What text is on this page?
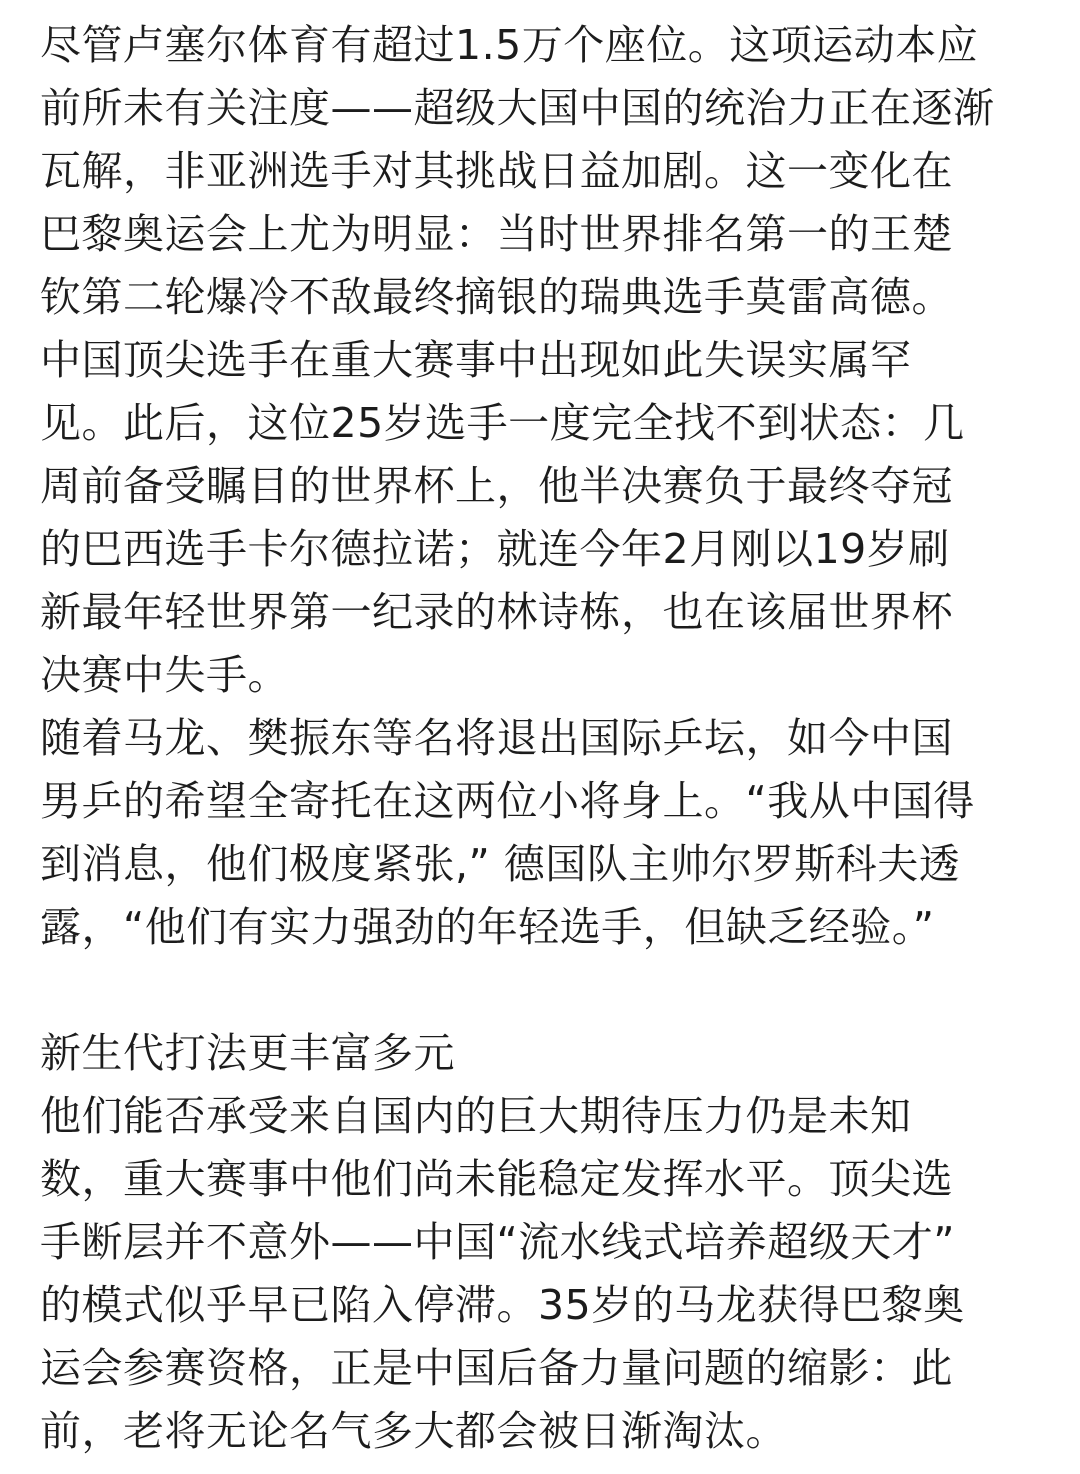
尽管卢塞尔体育有超过1.5万个座位。这项运动本应
前所未有关注度——超级大国中国的统治力正在逐渐
瓦解，非亚洲选手对其挑战日益加剧。这一变化在
巴黎奥运会上尤为明显：当时世界排名第一的王楚
钦第二轮爆冷不敌最终摘银的瑞典选手莫雷高德。
中国顶尖选手在重大赛事中出现如此失误实属罕
见。此后，这位25岁选手一度完全找不到状态：几
周前备受瞩目的世界杯上，他半决赛负于最终夺冠
的巴西选手卡尔德拉诺；就连今年2月刚以19岁刷
新最年轻世界第一纪录的林诗栋，也在该届世界杯
决赛中失手。
随着马龙、樊振东等名将退出国际乒坛，如今中国
男乒的希望全寄托在这两位小将身上。“我从中国得
到消息，他们极度紧张,” 德国队主帅尔罗斯科夫透
露，“他们有实力强劲的年轻选手，但缺乏经验。”
新生代打法更丰富多元
他们能否承受来自国内的巨大期待压力仍是未知
数，重大赛事中他们尚未能稳定发挥水平。顶尖选
手断层并不意外——中国“流水线式培养超级天才”
的模式似乎早已陷入停滞。35岁的马龙获得巴黎奥
运会参赛资格，正是中国后备力量问题的缩影：此
前，老将无论名气多大都会被日渐淘汰。
